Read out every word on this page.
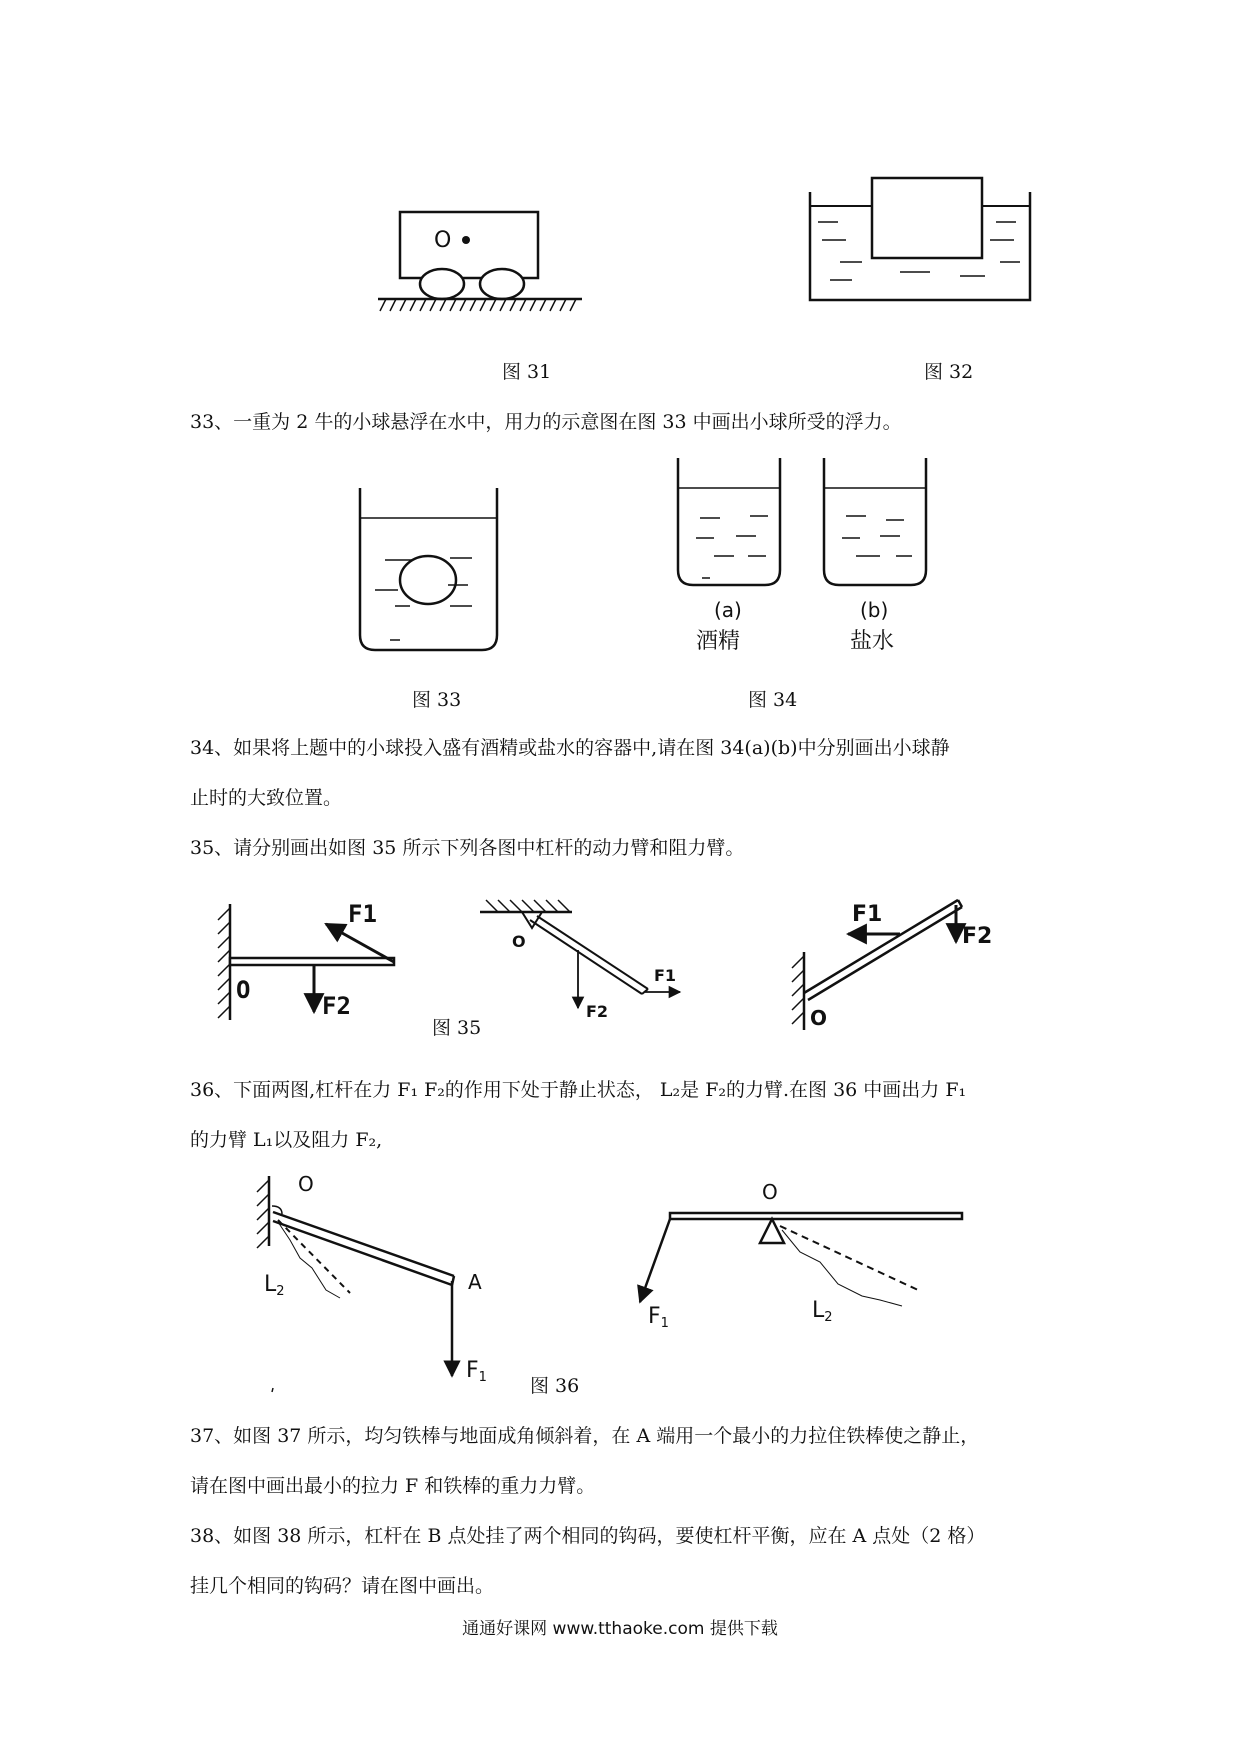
O
图 31	图 32
33、一重为 2 牛的小球悬浮在水中，用力的示意图在图 33 中画出小球所受的浮力。
(a)
酒精
(b)
盐水
图 33	图 34
34、如果将上题中的小球投入盛有酒精或盐水的容器中,请在图 34(a)(b)中分别画出小球静
止时的大致位置。
35、请分别画出如图 35 所示下列各图中杠杆的动力臂和阻力臂。
F1
O
F2
O
F1
F2
F1
F2
O
图 35
36、下面两图,杠杆在力 F₁ F₂的作用下处于静止状态， L₂是 F₂的力臂.在图 36 中画出力 F₁
的力臂 L₁以及阻力 F₂,
O
A
$L_2$
$F_1$
O
$L_2$
$F_1$
图 36
37、如图 37 所示，均匀铁棒与地面成角倾斜着，在 A 端用一个最小的力拉住铁棒使之静止，
请在图中画出最小的拉力 F 和铁棒的重力力臂。
38、如图 38 所示，杠杆在 B 点处挂了两个相同的钩码，要使杠杆平衡，应在 A 点处（2 格）
挂几个相同的钩码？请在图中画出。
通通好课网 www.tthaoke.com 提供下载
